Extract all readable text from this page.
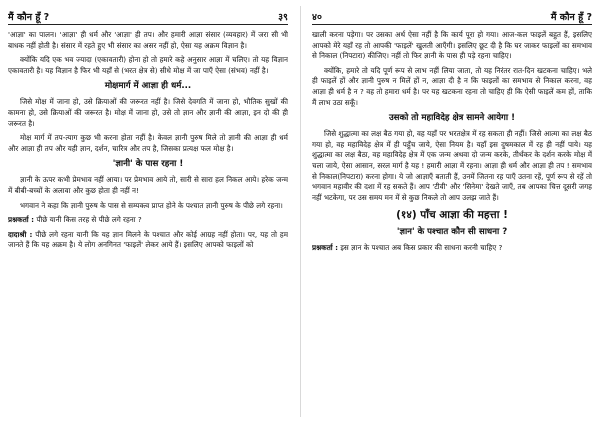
मैं कौन हूँ ?	३९

'आज्ञा' का पालन। 'आज्ञा' ही धर्म और 'आज्ञा' ही तप। और हमारी आज्ञा संसार (व्यवहार) में जरा सी भी बाधक नहीं होती है। संसार में रहते हुए भी संसार का असर नहीं हो, ऐसा यह अक्रम विज्ञान है।

क्योंकि यदि एक भव ज्यादा (एकावतारी) होना हो तो हमारे कहे अनुसार आज्ञा में चलिए। तो यह विज्ञान एकावतारी है। यह विज्ञान है फिर भी यहाँ से (भरत क्षेत्र से) सीधे मोक्ष में जा पाएँ ऐसा (संभव) नहीं है।

मोक्षमार्ग में आज्ञा ही धर्म...

जिसे मोक्ष में जाना हो, उसे क्रियाओं की जरूरत नहीं है। जिसे देवगति में जाना हो, भौतिक सुखों की कामना हो, उसे क्रियाओं की जरूरत है। मोक्ष में जाना हो, उसे तो ज्ञान और ज्ञानी की आज्ञा, इन दो की ही जरूरत है।

मोक्ष मार्ग में तप-त्याग कुछ भी करना होता नहीं है। केवल ज्ञानी पुरुष मिले तो ज्ञानी की आज्ञा ही धर्म और आज्ञा ही तप और यही ज्ञान, दर्शन, चारित्र और तप है, जिसका प्रत्यक्ष फल मोक्ष है।

'ज्ञानी' के पास रहना !

ज्ञानी के ऊपर कभी प्रेमभाव नहीं आया। पर प्रेमभाव आये तो, सारी से सारा हल निकल आये। हरेक जन्म में बीबी-बच्चों के अलावा और कुछ होता ही नहीं न!

भगवान ने कहा कि ज्ञानी पुरुष के पास से सम्यक्त्व प्राप्त होने के पश्चात ज्ञानी पुरुष के पीछे लगे रहना।

प्रश्नकर्ता : पीछे यानी किस तरह से पीछे लगे रहना ?

दादाश्री : पीछे लगे रहना यानी कि यह ज्ञान मिलने के पश्चात और कोई आग्रह नहीं होता। पर, यह तो हम जानते हैं कि यह अक्रम है। ये लोग अनगिनत 'फाइलें' लेकर आये हैं। इसलिए आपको फाइलों को

४०	मैं कौन हूँ ?

खाली करना पड़ेगा। पर उसका अर्थ ऐसा नहीं है कि कार्य पूरा हो गया। आज-कल फाइलें बहुत हैं, इसलिए आपको मेरे यहाँ रह तो आपकी 'फाइलें' खुलती आएँगी। इसलिए छूट दी है कि घर जाकर फाइलों का समभाव से निकाल (निपटारा) कीजिए। नहीं तो फिर ज्ञानी के पास ही पड़े रहना चाहिए।

क्योंकि, हमारे तो यदि पूर्ण रूप से लाभ नहीं लिया जाता, तो यह निरंतर रात-दिन खटकना चाहिए। भले ही फाइलें हों और ज्ञानी पुरुष न मिलें हों न, आज्ञा दी है न कि फाइलों का समभाव से निकाल करना, वह आज्ञा ही धर्म है न ? वह तो हमारा धर्म है। पर यह खटकना रहना तो चाहिए ही कि ऐसी फाइलें कम हों, ताकि मैं लाभ उठा सकूँ।

उसको तो महाविदेह क्षेत्र सामने आयेगा !

जिसे शुद्धात्मा का लक्ष बैठ गया हो, वह यहाँ पर भरतक्षेत्र में रह सकता ही नहीं। जिसे आत्मा का लक्ष बैठ गया हो, वह महाविदेह क्षेत्र में ही पहुँच जाये, ऐसा नियम है। यहाँ इस दुषमकाल में रह ही नहीं पाये। यह शुद्धात्मा का लक्ष बैठा, वह महाविदेह क्षेत्र में एक जन्म अथवा दो जन्म करके, तीर्थंकर के दर्शन करके मोक्ष में चला जाये, ऐसा आसान, सरल मार्ग है यह ! हमारी आज्ञा में रहना। आज्ञा ही धर्म और आज्ञा ही तप ! समभाव से निकाल(निपटारा) करना होगा। ये जो आज्ञाएँ बताती हैं, उनमें जितना रह पाएँ उतना रहें, पूर्ण रूप से रहें तो भगवान महावीर की दशा में रह सकते हैं। आप 'टीवी' और 'सिनेमा' देखते जाएँ, तब आपका चित्त दूसरी जगह नहीं भटकेगा, पर उस समय मन में से कुछ निकले तो आप उलझ जाते हैं।

(१४) पाँच आज्ञा की महत्ता !
'ज्ञान' के पश्चात कौन सी साधना ?

प्रश्नकर्ता : इस ज्ञान के पश्चात अब किस प्रकार की साधना करनी चाहिए ?
